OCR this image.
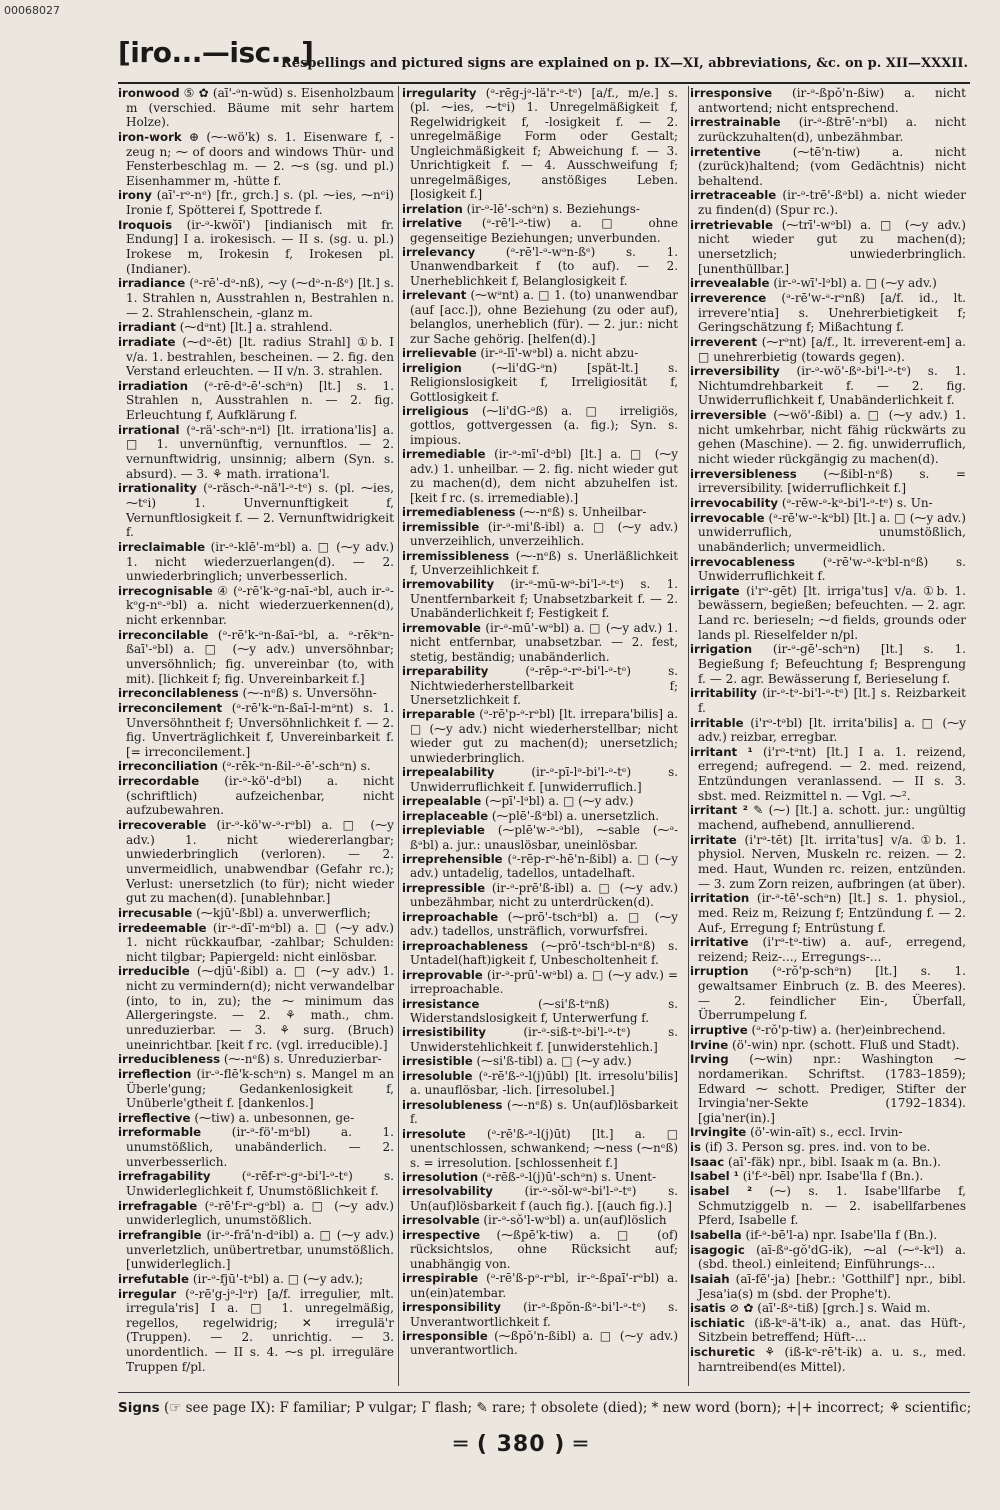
00068027
[iro...—isc...]
Respellings and pictured signs are explained on p. IX—XI, abbreviations, &c. on p. XII—XXXII.

ironwood ⑤ ✿ (aī'-ᵊn-wŭd) s. Eisenholzbaum m (verschied. Bäume mit sehr hartem Holze).

iron-work ⊕ (⁓-wö'k) s. 1. Eisenware f, -zeug n; ⁓ of doors and windows Thür- und Fensterbeschlag m. — 2. ⁓s (sg. und pl.) Eisenhammer m, -hütte f.

irony (aī'-rᵊ-nᵉ) [fr., grch.] s. (pl. ⁓ies, ⁓nᵉi) Ironie f, Spötterei f, Spottrede f.

Iroquois (ir-ᵊ-kwŏī') [indianisch mit fr. Endung] I a. irokesisch. — II s. (sg. u. pl.) Irokese m, Irokesin f, Irokesen pl. (Indianer).

irradiance (ᵊ-rēˈ-dᵊ-nß), ⁓y (⁓dᵊ-n-ßᵉ) [lt.] s. 1. Strahlen n, Ausstrahlen n, Bestrahlen n. — 2. Strahlenschein, -glanz m.

irradiant (⁓dᵊnt) [lt.] a. strahlend.

irradiate (⁓dᵊ-ēt) [lt. radius Strahl] ①b. I v/a. 1. bestrahlen, bescheinen. — 2. fig. den Verstand erleuchten. — II v/n. 3. strahlen.

irradiation (ᵊ-rē-dᵊ-ē'-schᵊn) [lt.] s. 1. Strahlen n, Ausstrahlen n. — 2. fig. Erleuchtung f, Aufklärung f.

irrational (ᵊ-rä'-schᵊ-nᵊl) [lt. irrationa'lis] a. □ 1. unvernünftig, vernunftlos. — 2. vernunftwidrig, unsinnig; albern (Syn. s. absurd). — 3. ⚘ math. irrationa'l.

irrationality (ᵊ-räsch-ᵊ-nä'l-ᵊ-tᵉ) s. (pl. ⁓ies, ⁓tᵉi) 1. Unvernunftigkeit f, Vernunftlosigkeit f. — 2. Vernunftwidrigkeit f.

irreclaimable (ir-ᵊ-klē'-mᵊbl) a. □ (⁓y adv.) 1. nicht wiederzuerlangen(d). — 2. unwiederbringlich; unverbesserlich.

irrecognisable ④ (ᵊ-rē'k-ᵊg-naī-ᵊbl, auch ir-ᵊ-kᵒg-nᵉ-ᵊbl) a. nicht wiederzuerkennen(d), nicht erkennbar.

irreconcilable (ᵊ-rē'k-ᵊn-ßaī-ᵊbl, a. ᵊ-rēkᵊn-ßaī'-ᵊbl) a. □ (⁓y adv.) unversöhnbar; unversöhnlich; fig. unvereinbar (to, with mit). [lichkeit f; fig. Unvereinbarkeit f.]

irreconcilableness (⁓-nᵉß) s. Unversöhn-

irreconcilement (ᵊ-rē'k-ᵊn-ßaī-l-mᵊnt) s. 1. Unversöhntheit f; Unversöhnlichkeit f. — 2. fig. Unverträglichkeit f, Unvereinbarkeit f. [= irreconcilement.]

irreconciliation (ᵊ-rēk-ᵊn-ßil-ᵊ-ē'-schᵊn) s.

irrecordable (ir-ᵊ-kö'-dᵊbl) a. nicht (schriftlich) aufzeichenbar, nicht aufzubewahren.

irrecoverable (ir-ᵊ-kö'w-ᵊ-rᵊbl) a. □ (⁓y adv.) 1. nicht wiedererlangbar; unwiederbringlich (verloren). — 2. unvermeidlich, unabwendbar (Gefahr rc.); Verlust: unersetzlich (to für); nicht wieder gut zu machen(d). [unablehnbar.]

irrecusable (⁓kjū'-ßbl) a. unverwerflich;

irredeemable (ir-ᵊ-dī'-mᵊbl) a. □ (⁓y adv.) 1. nicht rückkaufbar, -zahlbar; Schulden: nicht tilgbar; Papiergeld: nicht einlösbar.

irreducible (⁓djū'-ßibl) a. □ (⁓y adv.) 1. nicht zu vermindern(d); nicht verwandelbar (into, to in, zu); the ⁓ minimum das Allergeringste. — 2. ⚘ math., chm. unreduzierbar. — 3. ⚘ surg. (Bruch) uneinrichtbar. [keit f rc. (vgl. irreducible).]

irreducibleness (⁓-nᵉß) s. Unreduzierbar-

irreflection (ir-ᵊ-flē'k-schᵊn) s. Mangel m an Überle'gung; Gedankenlosigkeit f, Unüberle'gtheit f. [dankenlos.]

irreflective (⁓tiw) a. unbesonnen, ge-

irreformable (ir-ᵊ-fö'-mᵊbl) a. 1. unumstößlich, unabänderlich. — 2. unverbesserlich.

irrefragability (ᵊ-rēf-rᵊ-gᵊ-bi'l-ᵊ-tᵉ) s. Unwiderleglichkeit f, Unumstößlichkeit f.

irrefragable (ᵊ-rē'f-rᵊ-gᵊbl) a. □ (⁓y adv.) unwiderleglich, unumstößlich.

irrefrangible (ir-ᵊ-fră'n-dᵊibl) a. □ (⁓y adv.) unverletzlich, unübertretbar, unumstößlich. [unwiderleglich.]

irrefutable (ir-ᵊ-fjū'-tᵊbl) a. □ (⁓y adv.);

irregular (ᵊ-rē'g-jᵊ-lᵊr) [a/f. irregulier, mlt. irregula'ris] I a. □ 1. unregelmäßig, regellos, regelwidrig; ✕ irregulä'r (Truppen). — 2. unrichtig. — 3. unordentlich. — II s. 4. ⁓s pl. irreguläre Truppen f/pl.

irregularity (ᵊ-rēg-jᵊ-lä'r-ᵊ-tᵉ) [a/f., m/e.] s. (pl. ⁓ies, ⁓tᵉi) 1. Unregelmäßigkeit f, Regelwidrigkeit f, -losigkeit f. — 2. unregelmäßige Form oder Gestalt; Ungleichmäßigkeit f; Abweichung f. — 3. Unrichtigkeit f. — 4. Ausschweifung f; unregelmäßiges, anstößiges Leben. [losigkeit f.]

irrelation (ir-ᵊ-lē'-schᵊn) s. Beziehungs-

irrelative (ᵊ-rē'l-ᵊ-tiw) a. □ ohne gegenseitige Beziehungen; unverbunden.

irrelevancy (ᵊ-rē'l-ᵊ-wᵊn-ßᵉ) s. 1. Unanwendbarkeit f (to auf). — 2. Unerheblichkeit f, Belanglosigkeit f.

irrelevant (⁓wᵊnt) a. □ 1. (to) unanwendbar (auf [acc.]), ohne Beziehung (zu oder auf), belanglos, unerheblich (für). — 2. jur.: nicht zur Sache gehörig. [helfen(d).]

irrelievable (ir-ᵊ-lī'-wᵊbl) a. nicht abzu-

irreligion (⁓li'dG-ᵊn) [spät-lt.] s. Religionslosigkeit f, Irreligiosität f, Gottlosigkeit f.

irreligious (⁓li'dG-ᵊß) a. □ irreligiös, gottlos, gottvergessen (a. fig.); Syn. s. impious.

irremediable (ir-ᵊ-mī'-dᵊbl) [lt.] a. □ (⁓y adv.) 1. unheilbar. — 2. fig. nicht wieder gut zu machen(d), dem nicht abzuhelfen ist. [keit f rc. (s. irremediable).]

irremediableness (⁓-nᵉß) s. Unheilbar-

irremissible (ir-ᵊ-mi'ß-ibl) a. □ (⁓y adv.) unverzeihlich, unverzeihlich.

irremissibleness (⁓-nᵉß) s. Unerläßlichkeit f, Unverzeihlichkeit f.

irremovability (ir-ᵊ-mū-wᵊ-bi'l-ᵊ-tᵉ) s. 1. Unentfernbarkeit f; Unabsetzbarkeit f. — 2. Unabänderlichkeit f; Festigkeit f.

irremovable (ir-ᵊ-mū'-wᵊbl) a. □ (⁓y adv.) 1. nicht entfernbar, unabsetzbar. — 2. fest, stetig, beständig; unabänderlich.

irreparability (ᵊ-rēp-ᵊ-rᵊ-bi'l-ᵊ-tᵉ) s. Nichtwiederherstellbarkeit f; Unersetzlichkeit f.

irreparable (ᵊ-rē'p-ᵊ-rᵊbl) [lt. irrepara'bilis] a. □ (⁓y adv.) nicht wiederherstellbar; nicht wieder gut zu machen(d); unersetzlich; unwiederbringlich.

irrepealability (ir-ᵊ-pī-lᵊ-bi'l-ᵊ-tᵉ) s. Unwiderruflichkeit f. [unwiderruflich.]

irrepealable (⁓pī'-lᵊbl) a. □ (⁓y adv.)

irreplaceable (⁓plē'-ßᵊbl) a. unersetzlich.

irrepleviable (⁓plē'w-ᵊ-ᵊbl), ⁓sable (⁓ᵊ-ßᵊbl) a. jur.: unauslösbar, uneinlösbar.

irreprehensible (ᵊ-rēp-rᵊ-hē'n-ßibl) a. □ (⁓y adv.) untadelig, tadellos, untadelhaft.

irrepressible (ir-ᵊ-prē'ß-ibl) a. □ (⁓y adv.) unbezähmbar, nicht zu unterdrücken(d).

irreproachable (⁓prō'-tschᵊbl) a. □ (⁓y adv.) tadellos, unsträflich, vorwurfsfrei.

irreproachableness (⁓prō'-tschᵊbl-nᵉß) s. Untadel(haft)igkeit f, Unbescholtenheit f.

irreprovable (ir-ᵊ-prū'-wᵊbl) a. □ (⁓y adv.) = irreproachable.

irresistance (⁓si'ß-tᵊnß) s. Widerstandslosigkeit f, Unterwerfung f.

irresistibility (ir-ᵊ-siß-tᵊ-bi'l-ᵊ-tᵉ) s. Unwiderstehlichkeit f. [unwiderstehlich.]

irresistible (⁓si'ß-tibl) a. □ (⁓y adv.)

irresoluble (ᵊ-rē'ß-ᵊ-l(j)ūbl) [lt. irresolu'bilis] a. unauflösbar, -lich. [irresolubel.]

irresolubleness (⁓-nᵉß) s. Un(auf)lösbarkeit f.

irresolute (ᵊ-rē'ß-ᵊ-l(j)ūt) [lt.] a. □ unentschlossen, schwankend; ⁓ness (⁓nᵉß) s. = irresolution. [schlossenheit f.]

irresolution (ᵊ-rēß-ᵊ-l(j)ū'-schᵊn) s. Unent-

irresolvability (ir-ᵊ-sŏl-wᵊ-bi'l-ᵊ-tᵉ) s. Un(auf)lösbarkeit f (auch fig.). [(auch fig.).]

irresolvable (ir-ᵊ-sŏ'l-wᵊbl) a. un(auf)löslich

irrespective (⁓ßpē'k-tiw) a. □ (of) rücksichtslos, ohne Rücksicht auf; unabhängig von.

irrespirable (ᵊ-rē'ß-pᵊ-rᵊbl, ir-ᵊ-ßpaī'-rᵊbl) a. un(ein)atembar.

irresponsibility (ir-ᵊ-ßpŏn-ßᵊ-bi'l-ᵊ-tᵉ) s. Unverantwortlichkeit f.

irresponsible (⁓ßpŏ'n-ßibl) a. □ (⁓y adv.) unverantwortlich.

irresponsive (ir-ᵊ-ßpŏ'n-ßiw) a. nicht antwortend; nicht entsprechend.

irrestrainable (ir-ᵊ-ßtrē'-nᵊbl) a. nicht zurückzuhalten(d), unbezähmbar.

irretentive (⁓tē'n-tiw) a. nicht (zurück)haltend; (vom Gedächtnis) nicht behaltend.

irretraceable (ir-ᵊ-trē'-ßᵊbl) a. nicht wieder zu finden(d) (Spur rc.).

irretrievable (⁓trī'-wᵊbl) a. □ (⁓y adv.) nicht wieder gut zu machen(d); unersetzlich; unwiederbringlich. [unenthüllbar.]

irrevealable (ir-ᵊ-wī'-lᵊbl) a. □ (⁓y adv.)

irreverence (ᵊ-rē'w-ᵊ-rᵊnß) [a/f. id., lt. irrevere'ntia] s. Unehrerbietigkeit f; Geringschätzung f; Mißachtung f.

irreverent (⁓rᵊnt) [a/f., lt. irreverent-em] a. □ unehrerbietig (towards gegen).

irreversibility (ir-ᵊ-wö'-ßᵊ-bi'l-ᵊ-tᵉ) s. 1. Nichtumdrehbarkeit f. — 2. fig. Unwiderruflichkeit f, Unabänderlichkeit f.

irreversible (⁓wö'-ßibl) a. □ (⁓y adv.) 1. nicht umkehrbar, nicht fähig rückwärts zu gehen (Maschine). — 2. fig. unwiderruflich, nicht wieder rückgängig zu machen(d).

irreversibleness (⁓ßibl-nᵉß) s. = irreversibility. [widerruflichkeit f.]

irrevocability (ᵊ-rēw-ᵊ-kᵊ-bi'l-ᵊ-tᵉ) s. Un-

irrevocable (ᵊ-rē'w-ᵊ-kᵊbl) [lt.] a. □ (⁓y adv.) unwiderruflich, unumstößlich, unabänderlich; unvermeidlich.

irrevocableness (ᵊ-rē'w-ᵊ-kᵊbl-nᵉß) s. Unwiderruflichkeit f.

irrigate (i'rᵊ-gēt) [lt. irriga'tus] v/a. ①b. 1. bewässern, begießen; befeuchten. — 2. agr. Land rc. berieseln; ⁓d fields, grounds oder lands pl. Rieselfelder n/pl.

irrigation (ir-ᵊ-gē'-schᵊn) [lt.] s. 1. Begießung f; Befeuchtung f; Besprengung f. — 2. agr. Bewässerung f, Berieselung f.

irritability (ir-ᵊ-tᵊ-bi'l-ᵊ-tᵉ) [lt.] s. Reizbarkeit f.

irritable (i'rᵊ-tᵊbl) [lt. irrita'bilis] a. □ (⁓y adv.) reizbar, erregbar.

irritant ¹ (i'rᵊ-tᵊnt) [lt.] I a. 1. reizend, erregend; aufregend. — 2. med. reizend, Entzündungen veranlassend. — II s. 3. sbst. med. Reizmittel n. — Vgl. ⁓².

irritant ² ✎ (⁓) [lt.] a. schott. jur.: ungültig machend, aufhebend, annullierend.

irritate (i'rᵊ-tēt) [lt. irrita'tus] v/a. ①b. 1. physiol. Nerven, Muskeln rc. reizen. — 2. med. Haut, Wunden rc. reizen, entzünden. — 3. zum Zorn reizen, aufbringen (at über).

irritation (ir-ᵊ-tē'-schᵊn) [lt.] s. 1. physiol., med. Reiz m, Reizung f; Entzündung f. — 2. Auf-, Erregung f; Entrüstung f.

irritative (i'rᵊ-tᵊ-tiw) a. auf-, erregend, reizend; Reiz-..., Erregungs-...

irruption (ᵊ-rŏ'p-schᵊn) [lt.] s. 1. gewaltsamer Einbruch (z. B. des Meeres). — 2. feindlicher Ein-, Überfall, Überrumpelung f.

irruptive (ᵊ-rŏ'p-tiw) a. (her)einbrechend.

Irvine (ö'-win) npr. (schott. Fluß und Stadt).

Irving (⁓win) npr.: Washington ⁓ nordamerikan. Schriftst. (1783–1859); Edward ⁓ schott. Prediger, Stifter der Irvingia'ner-Sekte (1792–1834). [gia'ner(in).]

Irvingite (ö'-win-aīt) s., eccl. Irvin-

is (if) 3. Person sg. pres. ind. von to be.

Isaac (aī'-fäk) npr., bibl. Isaak m (a. Bn.).

Isabel ¹ (i'f-ᵊ-bēl) npr. Isabe'lla f (Bn.).

isabel ² (⁓) s. 1. Isabe'llfarbe f, Schmutziggelb n. — 2. isabellfarbenes Pferd, Isabelle f.

Isabella (if-ᵊ-bē'l-a) npr. Isabe'lla f (Bn.).

isagogic (aī-ßᵊ-gŏ'dG-ik), ⁓al (⁓ᵊ-kᵊl) a. (sbd. theol.) einleitend; Einführungs-...

Isaiah (aī-fē'-ja) [hebr.: 'Gotthilf'] npr., bibl. Jesa'ia(s) m (sbd. der Prophe't).

isatis ⊘ ✿ (aī'-ßᵊ-tiß) [grch.] s. Waid m.

ischiatic (iß-kᵉ-ä't-ik) a., anat. das Hüft-, Sitzbein betreffend; Hüft-...

ischuretic ⚘ (iß-kᵉ-rē't-ik) a. u. s., med. harntreibend(es Mittel).

Signs (☞ see page IX): F familiar; P vulgar; Γ flash; ✎ rare; † obsolete (died); * new word (born); +|+ incorrect; ⚘ scientific;
═ ( 380 ) ═
